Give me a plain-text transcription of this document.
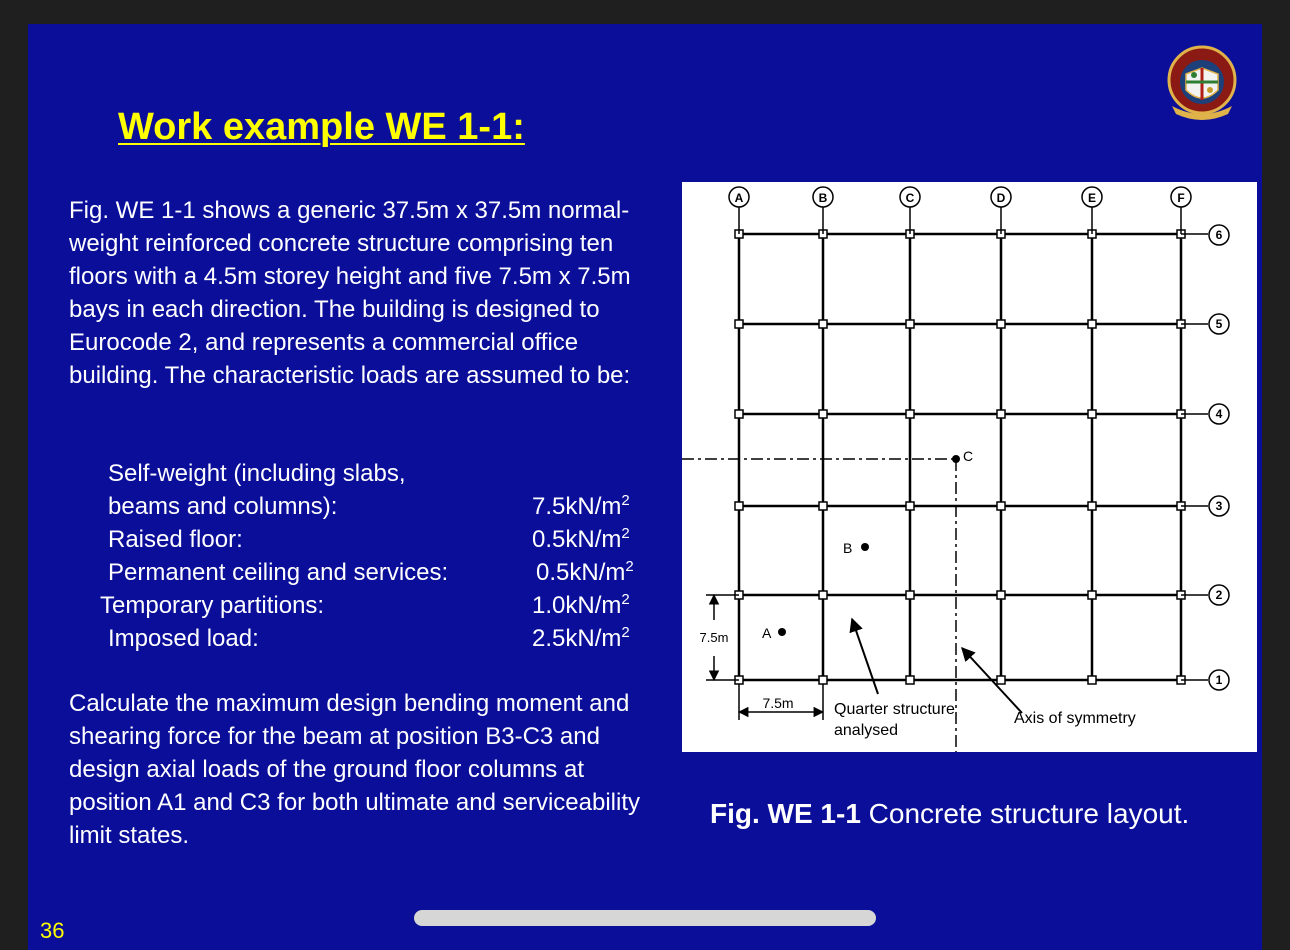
Work example WE 1-1:

Fig. WE 1-1 shows a generic 37.5m x 37.5m normal-weight reinforced concrete structure comprising ten floors with a 4.5m storey height and five 7.5m x 7.5m bays in each direction. The building is designed to Eurocode 2, and represents a commercial office building. The characteristic loads are assumed to be:

Self-weight (including slabs,
beams and columns):	$7.5kN/m^2$
Raised floor:	$0.5kN/m^2$
Permanent ceiling and services:	$0.5kN/m^2$
Temporary partitions:	$1.0kN/m^2$
Imposed load:	$2.5kN/m^2$

Calculate the maximum design bending moment and shearing force for the beam at position B3-C3 and design axial loads of the ground floor columns at position A1 and C3 for both ultimate and serviceability limit states.

A	B	C	D	E	F
6
5
4
3
2
1
C
B
A
7.5m
7.5m	Quarter structure
analysed
Axis of symmetry

Fig. WE 1-1 Concrete structure layout.

36
